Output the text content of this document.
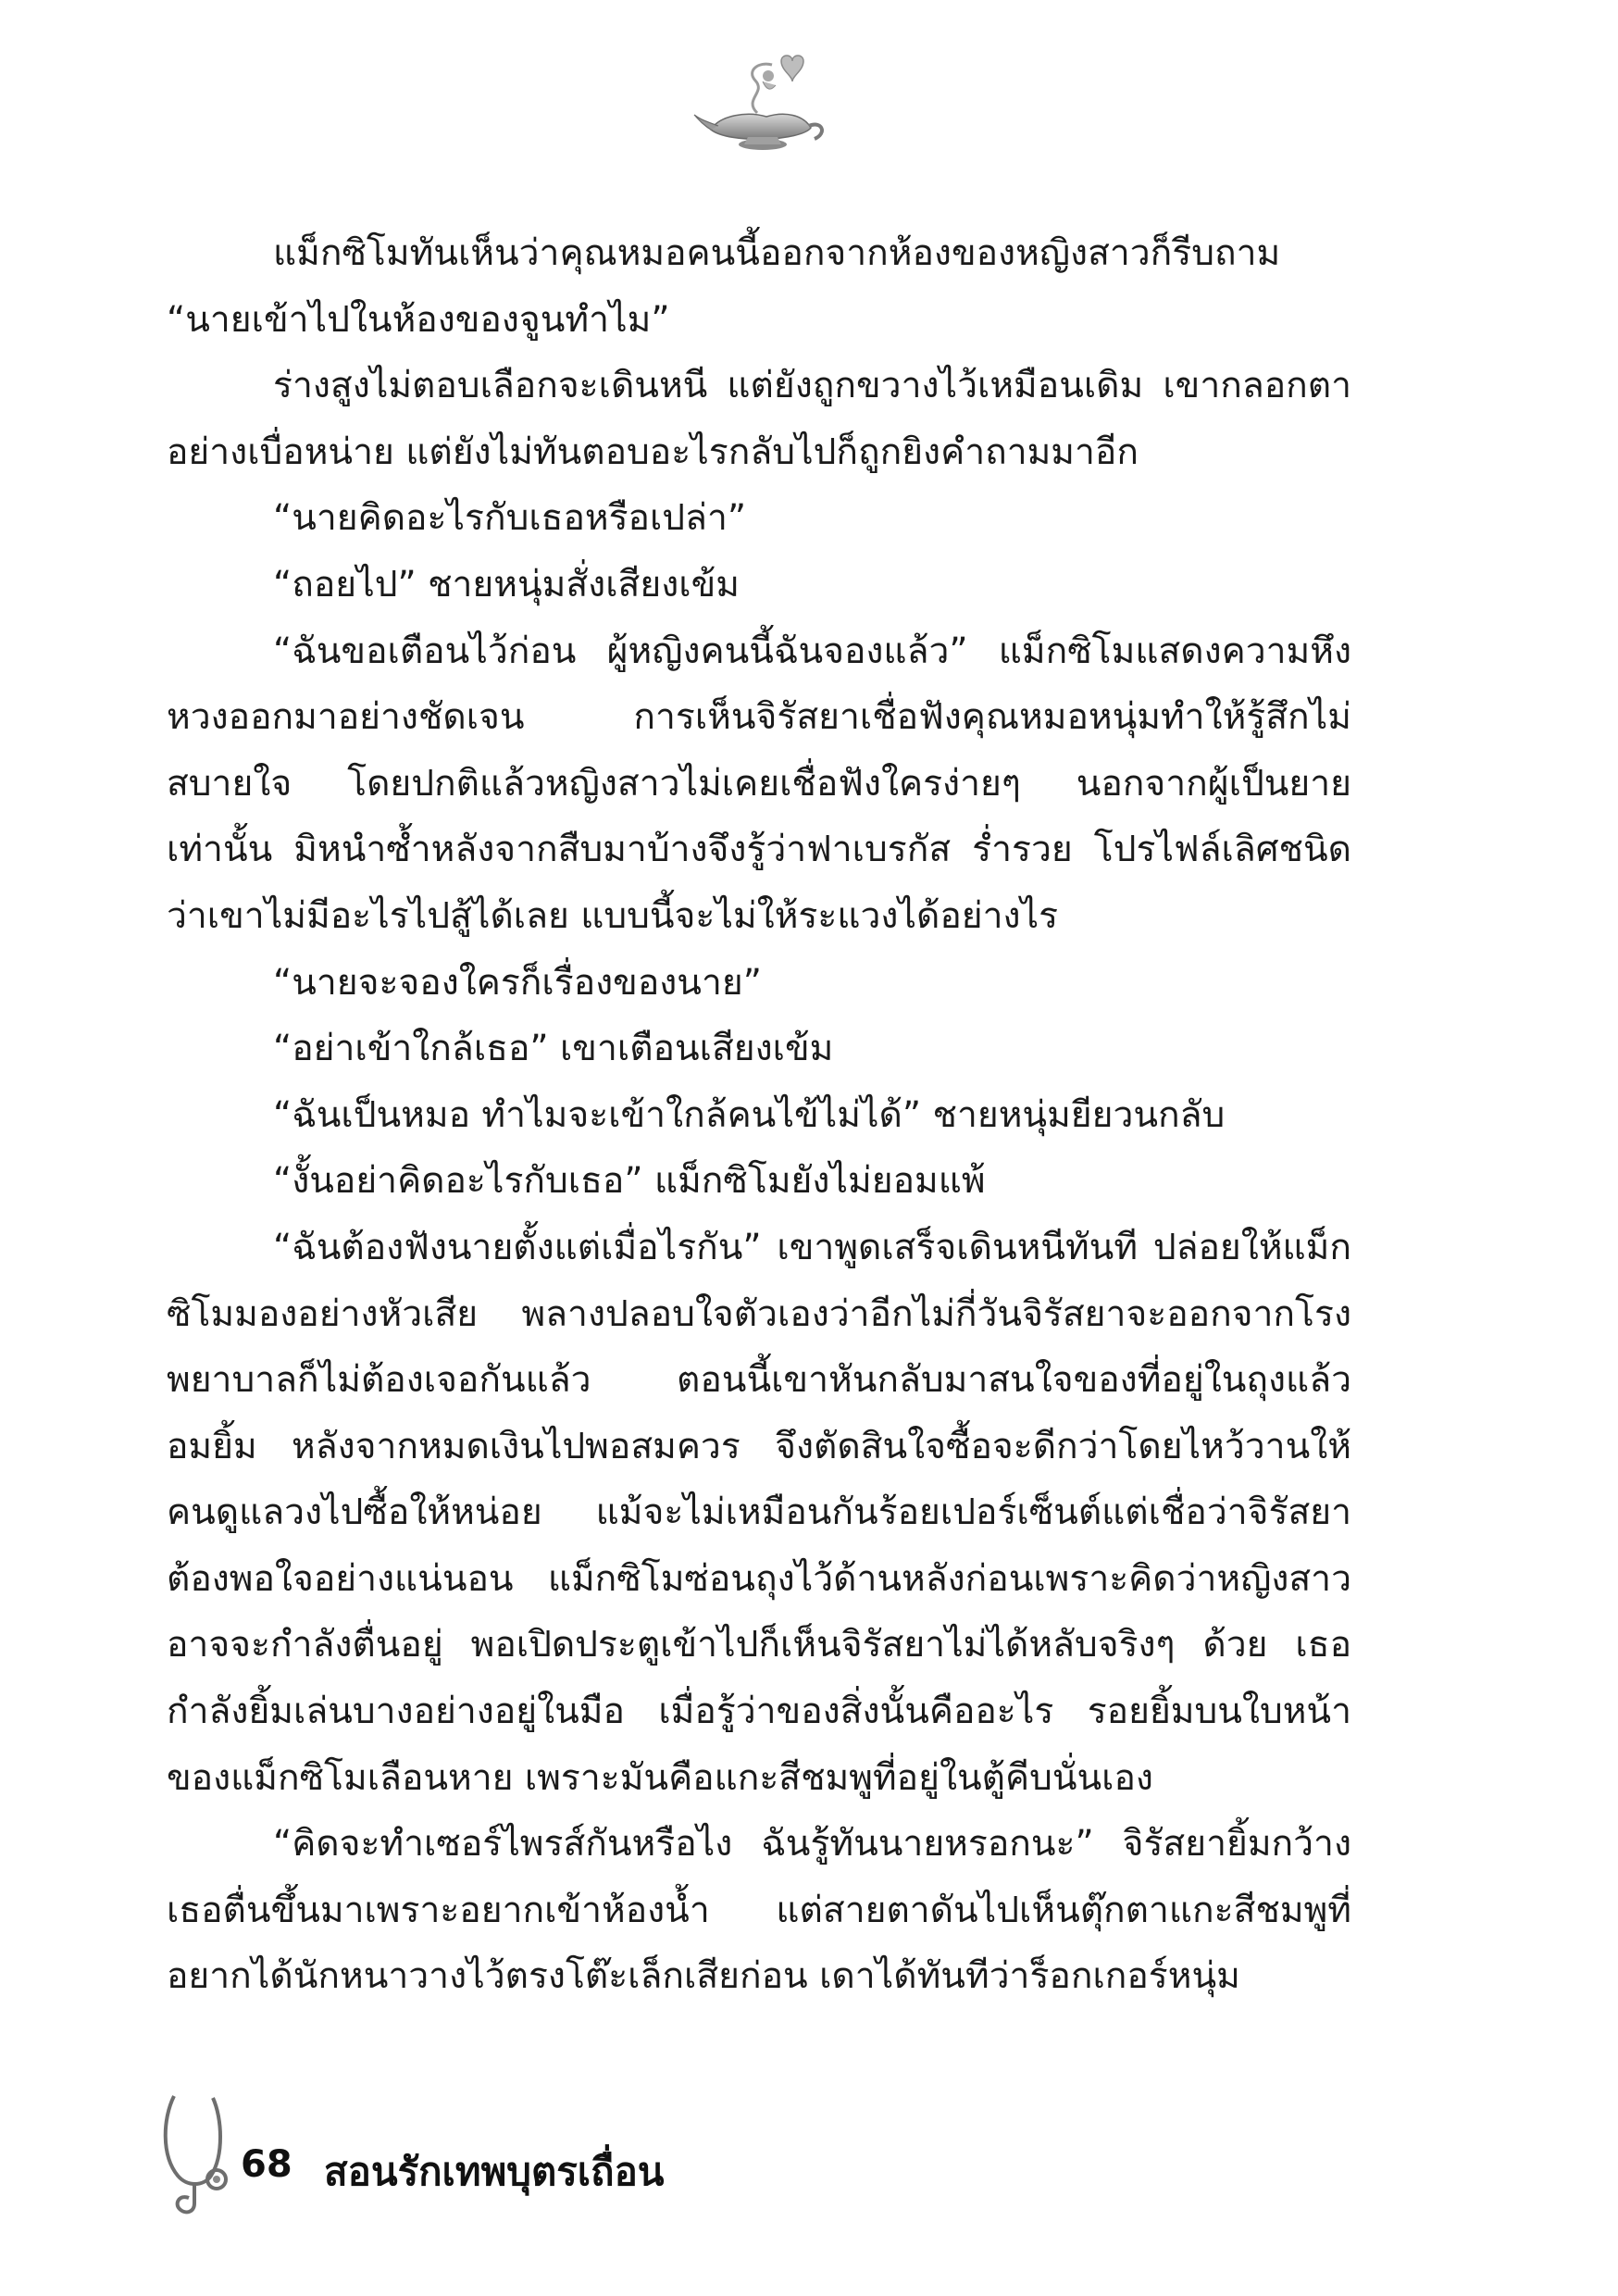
แม็กซิโมทันเห็นว่าคุณหมอคนนี้ออกจากห้องของหญิงสาวก็รีบถาม

“นายเข้าไปในห้องของจูนทำไม”

ร่างสูงไม่ตอบเลือกจะเดินหนี แต่ยังถูกขวางไว้เหมือนเดิม เขากลอกตาอย่างเบื่อหน่าย แต่ยังไม่ทันตอบอะไรกลับไปก็ถูกยิงคำถามมาอีก

“นายคิดอะไรกับเธอหรือเปล่า”

“ถอยไป” ชายหนุ่มสั่งเสียงเข้ม

“ฉันขอเตือนไว้ก่อน ผู้หญิงคนนี้ฉันจองแล้ว” แม็กซิโมแสดงความหึงหวงออกมาอย่างชัดเจน การเห็นจิรัสยาเชื่อฟังคุณหมอหนุ่มทำให้รู้สึกไม่สบายใจ โดยปกติแล้วหญิงสาวไม่เคยเชื่อฟังใครง่ายๆ นอกจากผู้เป็นยายเท่านั้น มิหนำซ้ำหลังจากสืบมาบ้างจึงรู้ว่าฟาเบรกัส ร่ำรวย โปรไฟล์เลิศชนิดว่าเขาไม่มีอะไรไปสู้ได้เลย แบบนี้จะไม่ให้ระแวงได้อย่างไร

“นายจะจองใครก็เรื่องของนาย”

“อย่าเข้าใกล้เธอ” เขาเตือนเสียงเข้ม

“ฉันเป็นหมอ ทำไมจะเข้าใกล้คนไข้ไม่ได้” ชายหนุ่มยียวนกลับ

“งั้นอย่าคิดอะไรกับเธอ” แม็กซิโมยังไม่ยอมแพ้

“ฉันต้องฟังนายตั้งแต่เมื่อไรกัน” เขาพูดเสร็จเดินหนีทันที ปล่อยให้แม็กซิโมมองอย่างหัวเสีย พลางปลอบใจตัวเองว่าอีกไม่กี่วันจิรัสยาจะออกจากโรงพยาบาลก็ไม่ต้องเจอกันแล้ว ตอนนี้เขาหันกลับมาสนใจของที่อยู่ในถุงแล้วอมยิ้ม หลังจากหมดเงินไปพอสมควร จึงตัดสินใจซื้อจะดีกว่าโดยไหว้วานให้คนดูแลวงไปซื้อให้หน่อย แม้จะไม่เหมือนกันร้อยเปอร์เซ็นต์แต่เชื่อว่าจิรัสยาต้องพอใจอย่างแน่นอน แม็กซิโมซ่อนถุงไว้ด้านหลังก่อนเพราะคิดว่าหญิงสาวอาจจะกำลังตื่นอยู่ พอเปิดประตูเข้าไปก็เห็นจิรัสยาไม่ได้หลับจริงๆ ด้วย เธอกำลังยิ้มเล่นบางอย่างอยู่ในมือ เมื่อรู้ว่าของสิ่งนั้นคืออะไร รอยยิ้มบนใบหน้าของแม็กซิโมเลือนหาย เพราะมันคือแกะสีชมพูที่อยู่ในตู้คีบนั่นเอง

“คิดจะทำเซอร์ไพรส์กันหรือไง ฉันรู้ทันนายหรอกนะ” จิรัสยายิ้มกว้างเธอตื่นขึ้นมาเพราะอยากเข้าห้องน้ำ แต่สายตาดันไปเห็นตุ๊กตาแกะสีชมพูที่อยากได้นักหนาวางไว้ตรงโต๊ะเล็กเสียก่อน เดาได้ทันทีว่าร็อกเกอร์หนุ่ม

68 สอนรักเทพบุตรเถื่อน
